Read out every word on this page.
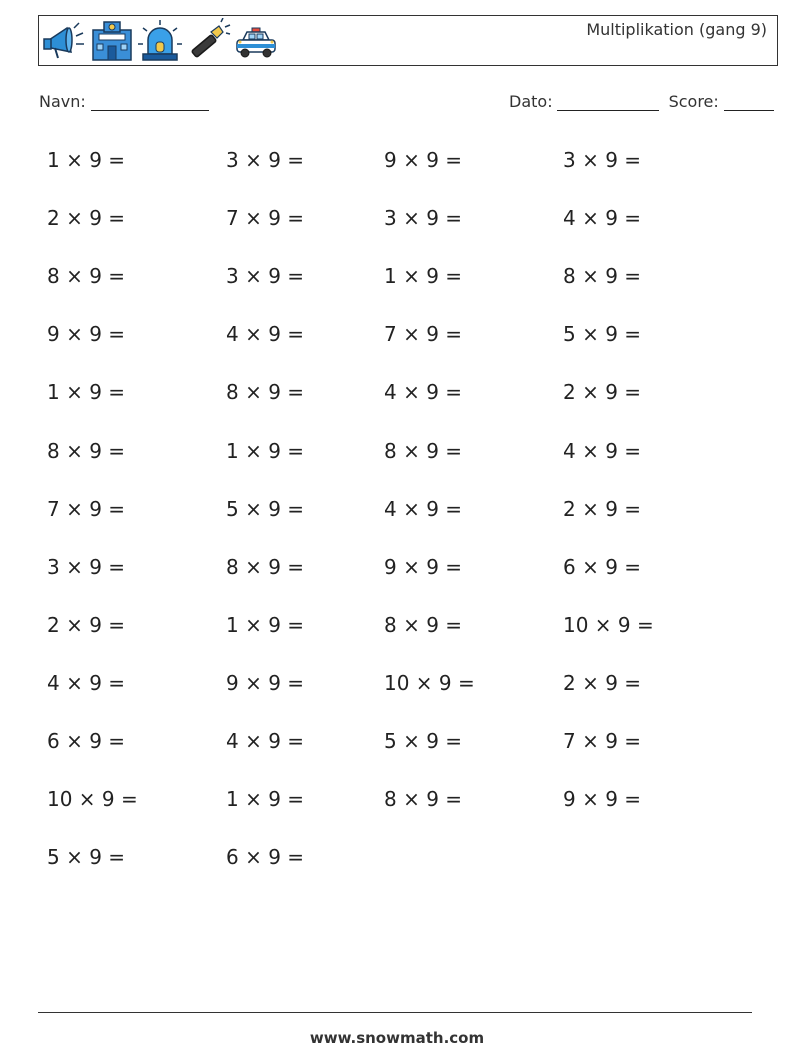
Multiplikation (gang 9)
Navn:	Dato:	Score:
1 × 9 =	3 × 9 =	9 × 9 =	3 × 9 =
2 × 9 =	7 × 9 =	3 × 9 =	4 × 9 =
8 × 9 =	3 × 9 =	1 × 9 =	8 × 9 =
9 × 9 =	4 × 9 =	7 × 9 =	5 × 9 =
1 × 9 =	8 × 9 =	4 × 9 =	2 × 9 =
8 × 9 =	1 × 9 =	8 × 9 =	4 × 9 =
7 × 9 =	5 × 9 =	4 × 9 =	2 × 9 =
3 × 9 =	8 × 9 =	9 × 9 =	6 × 9 =
2 × 9 =	1 × 9 =	8 × 9 =	10 × 9 =
4 × 9 =	9 × 9 =	10 × 9 =	2 × 9 =
6 × 9 =	4 × 9 =	5 × 9 =	7 × 9 =
10 × 9 =	1 × 9 =	8 × 9 =	9 × 9 =
5 × 9 =	6 × 9 =
www.snowmath.com
